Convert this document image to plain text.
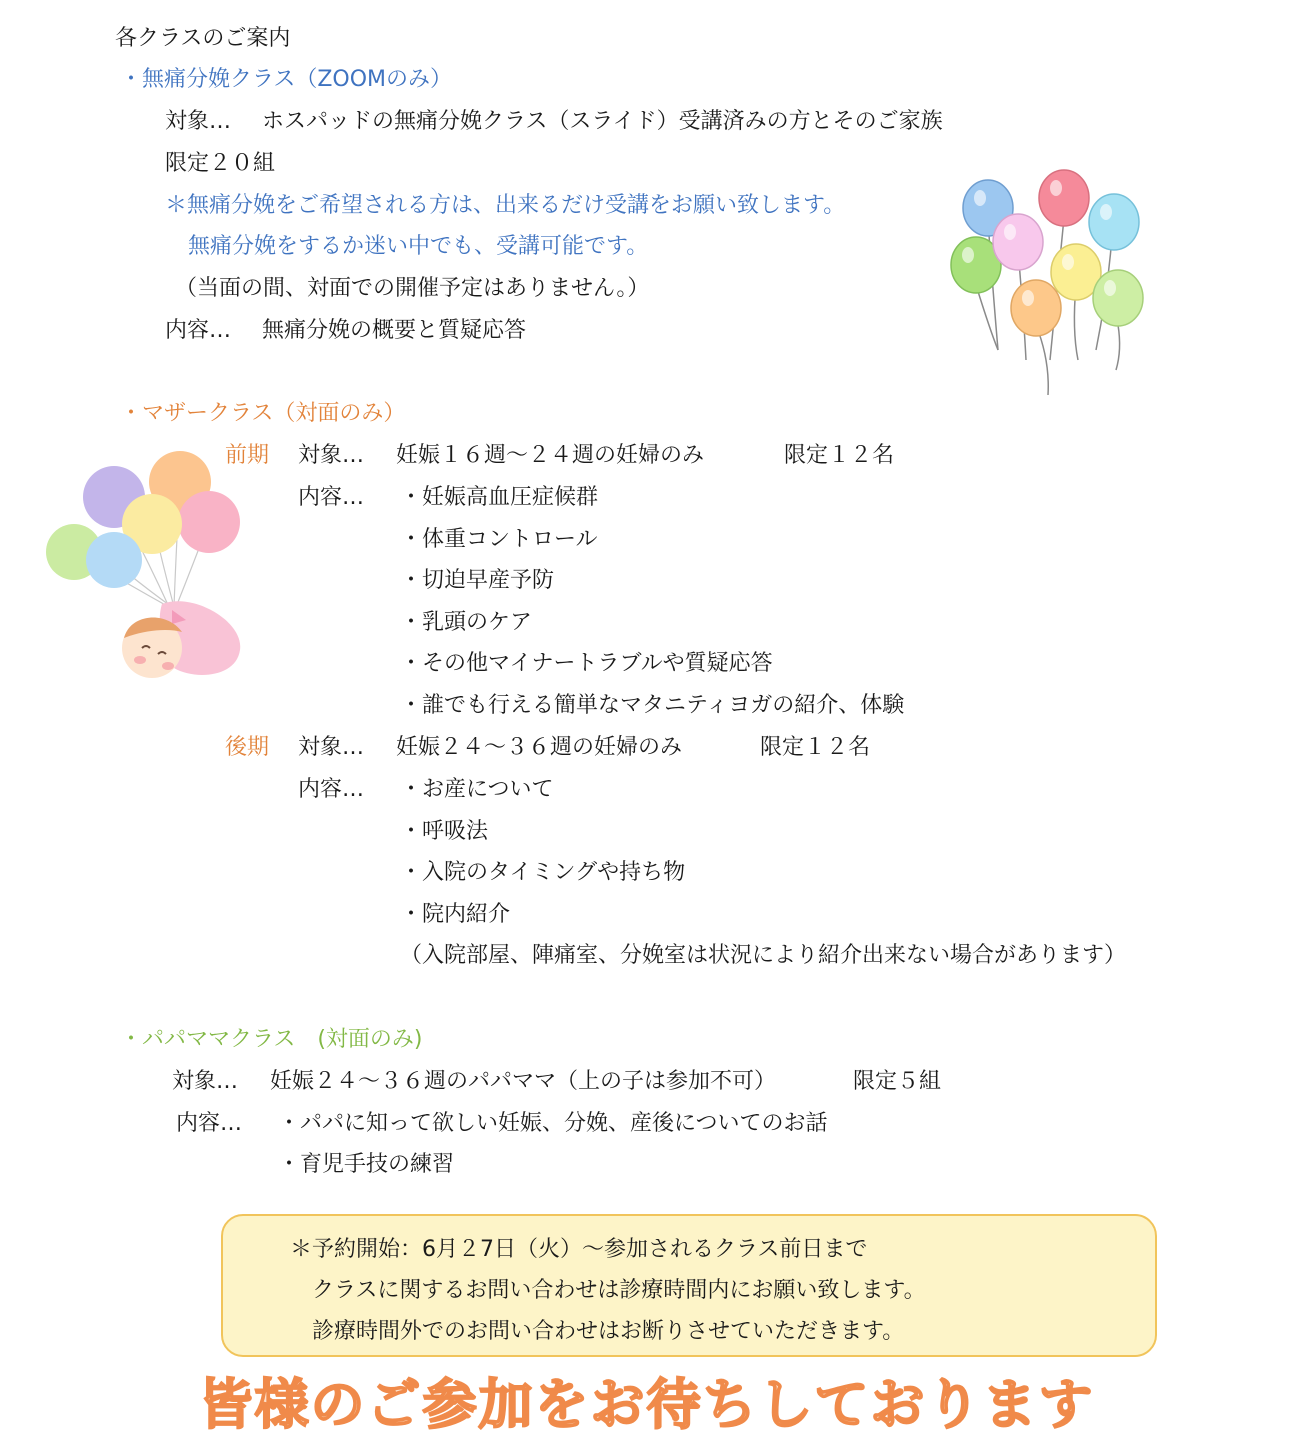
各クラスのご案内
・無痛分娩クラス（ZOOMのみ）
対象… ホスパッドの無痛分娩クラス（スライド）受講済みの方とそのご家族
限定２０組
＊無痛分娩をご希望される方は、出来るだけ受講をお願い致します。
無痛分娩をするか迷い中でも、受講可能です。
（当面の間、対面での開催予定はありません。）
内容… 無痛分娩の概要と質疑応答
・マザークラス（対面のみ）
前期 対象… 妊娠１６週～２４週の妊婦のみ	限定１２名
内容… ・妊娠高血圧症候群
・体重コントロール
・切迫早産予防
・乳頭のケア
・その他マイナートラブルや質疑応答
・誰でも行える簡単なマタニティヨガの紹介、体験
後期 対象… 妊娠２４～３６週の妊婦のみ	限定１２名
内容… ・お産について
・呼吸法
・入院のタイミングや持ち物
・院内紹介
（入院部屋、陣痛室、分娩室は状況により紹介出来ない場合があります）
・パパママクラス　(対面のみ)
対象… 妊娠２４～３６週のパパママ（上の子は参加不可）	限定５組
内容… ・パパに知って欲しい妊娠、分娩、産後についてのお話
・育児手技の練習
＊予約開始：6月２7日（火）～参加されるクラス前日まで
クラスに関するお問い合わせは診療時間内にお願い致します。
診療時間外でのお問い合わせはお断りさせていただきます。
皆様のご参加をお待ちしております
